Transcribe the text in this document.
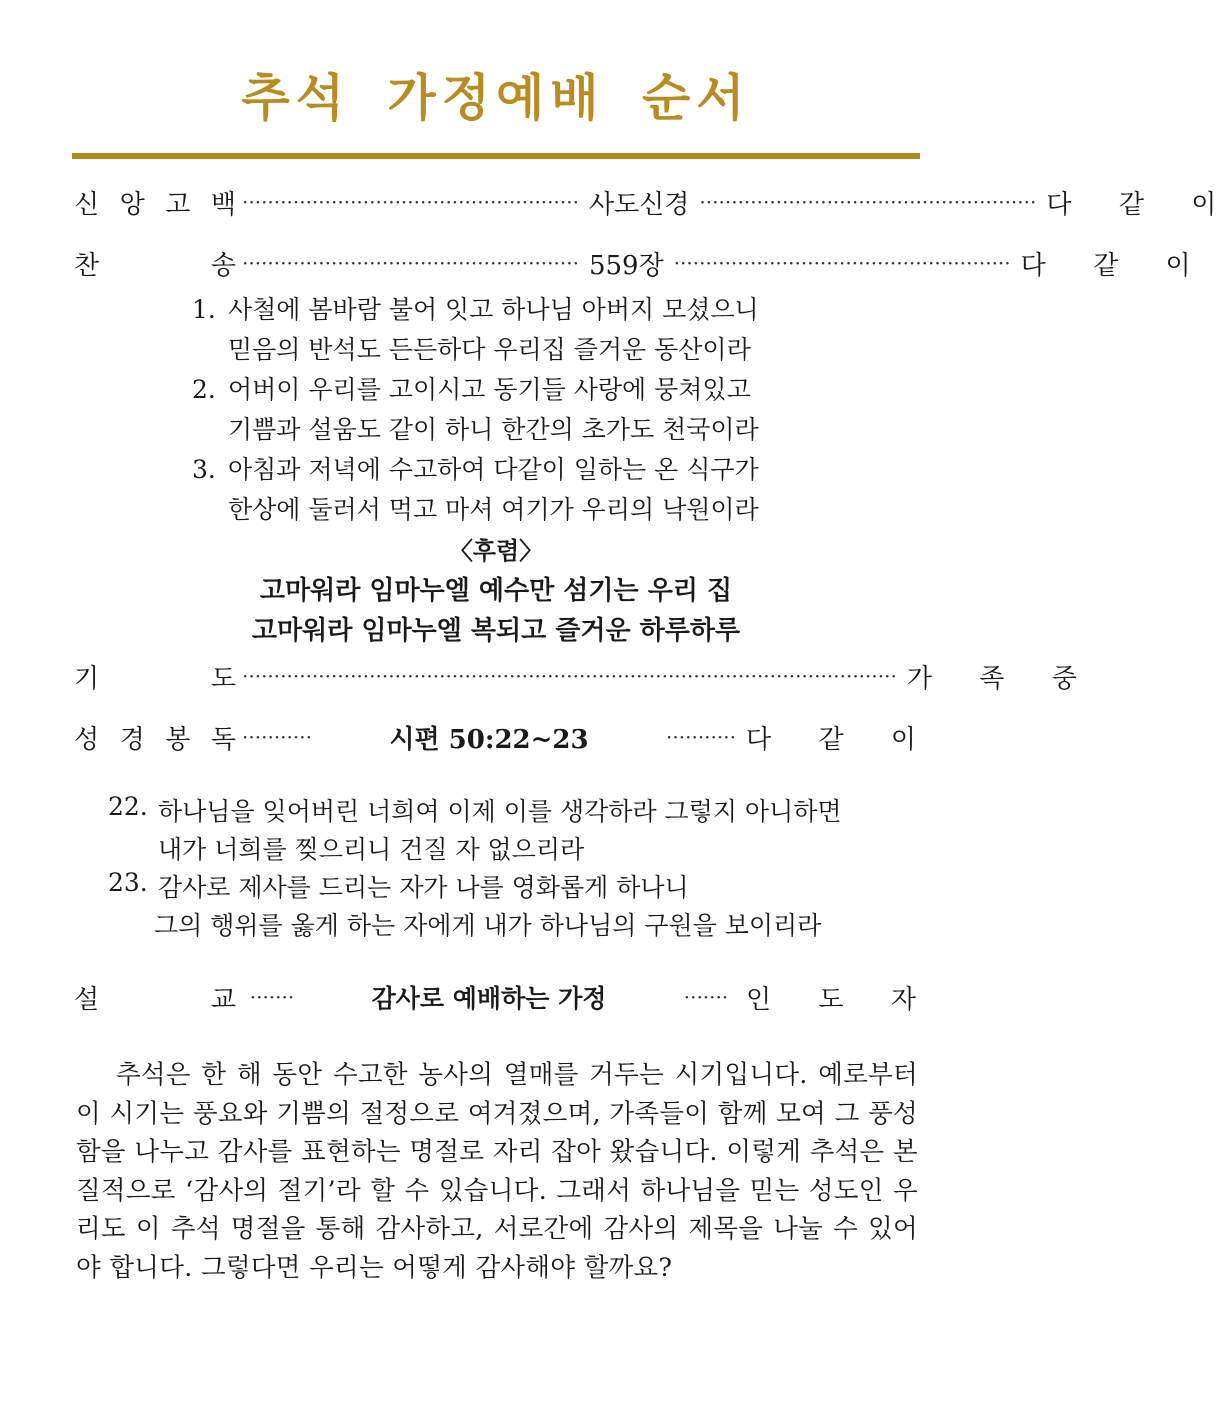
추석 가정예배 순서
신 앙 고 백 ····················································· 사도신경 ····················································· 다 같 이
찬	송 ····················································· 559장 ····················································· 다 같 이
1. 사철에 봄바람 불어 잇고 하나님 아버지 모셨으니
믿음의 반석도 든든하다 우리집 즐거운 동산이라
2. 어버이 우리를 고이시고 동기들 사랑에 뭉쳐있고
기쁨과 설움도 같이 하니 한간의 초가도 천국이라
3. 아침과 저녁에 수고하여 다같이 일하는 온 식구가
한상에 둘러서 먹고 마셔 여기가 우리의 낙원이라
〈후렴〉
고마워라 임마누엘 예수만 섬기는 우리 집
고마워라 임마누엘 복되고 즐거운 하루하루
기	도 ······································································································· 가 족 중
성 경 봉 독 ···········	시편 50:22~23	··········· 다 같 이
22. 하나님을 잊어버린 너희여 이제 이를 생각하라 그렇지 아니하면
내가 너희를 찢으리니 건질 자 없으리라
23. 감사로 제사를 드리는 자가 나를 영화롭게 하나니
그의 행위를 옳게 하는 자에게 내가 하나님의 구원을 보이리라
설	교 ·······	감사로 예배하는 가정	······· 인 도 자
추석은 한 해 동안 수고한 농사의 열매를 거두는 시기입니다. 예로부터 이 시기는 풍요와 기쁨의 절정으로 여겨졌으며, 가족들이 함께 모여 그 풍성함을 나누고 감사를 표현하는 명절로 자리 잡아 왔습니다. 이렇게 추석은 본질적으로 ‘감사의 절기’라 할 수 있습니다. 그래서 하나님을 믿는 성도인 우리도 이 추석 명절을 통해 감사하고, 서로간에 감사의 제목을 나눌 수 있어야 합니다. 그렇다면 우리는 어떻게 감사해야 할까요?
